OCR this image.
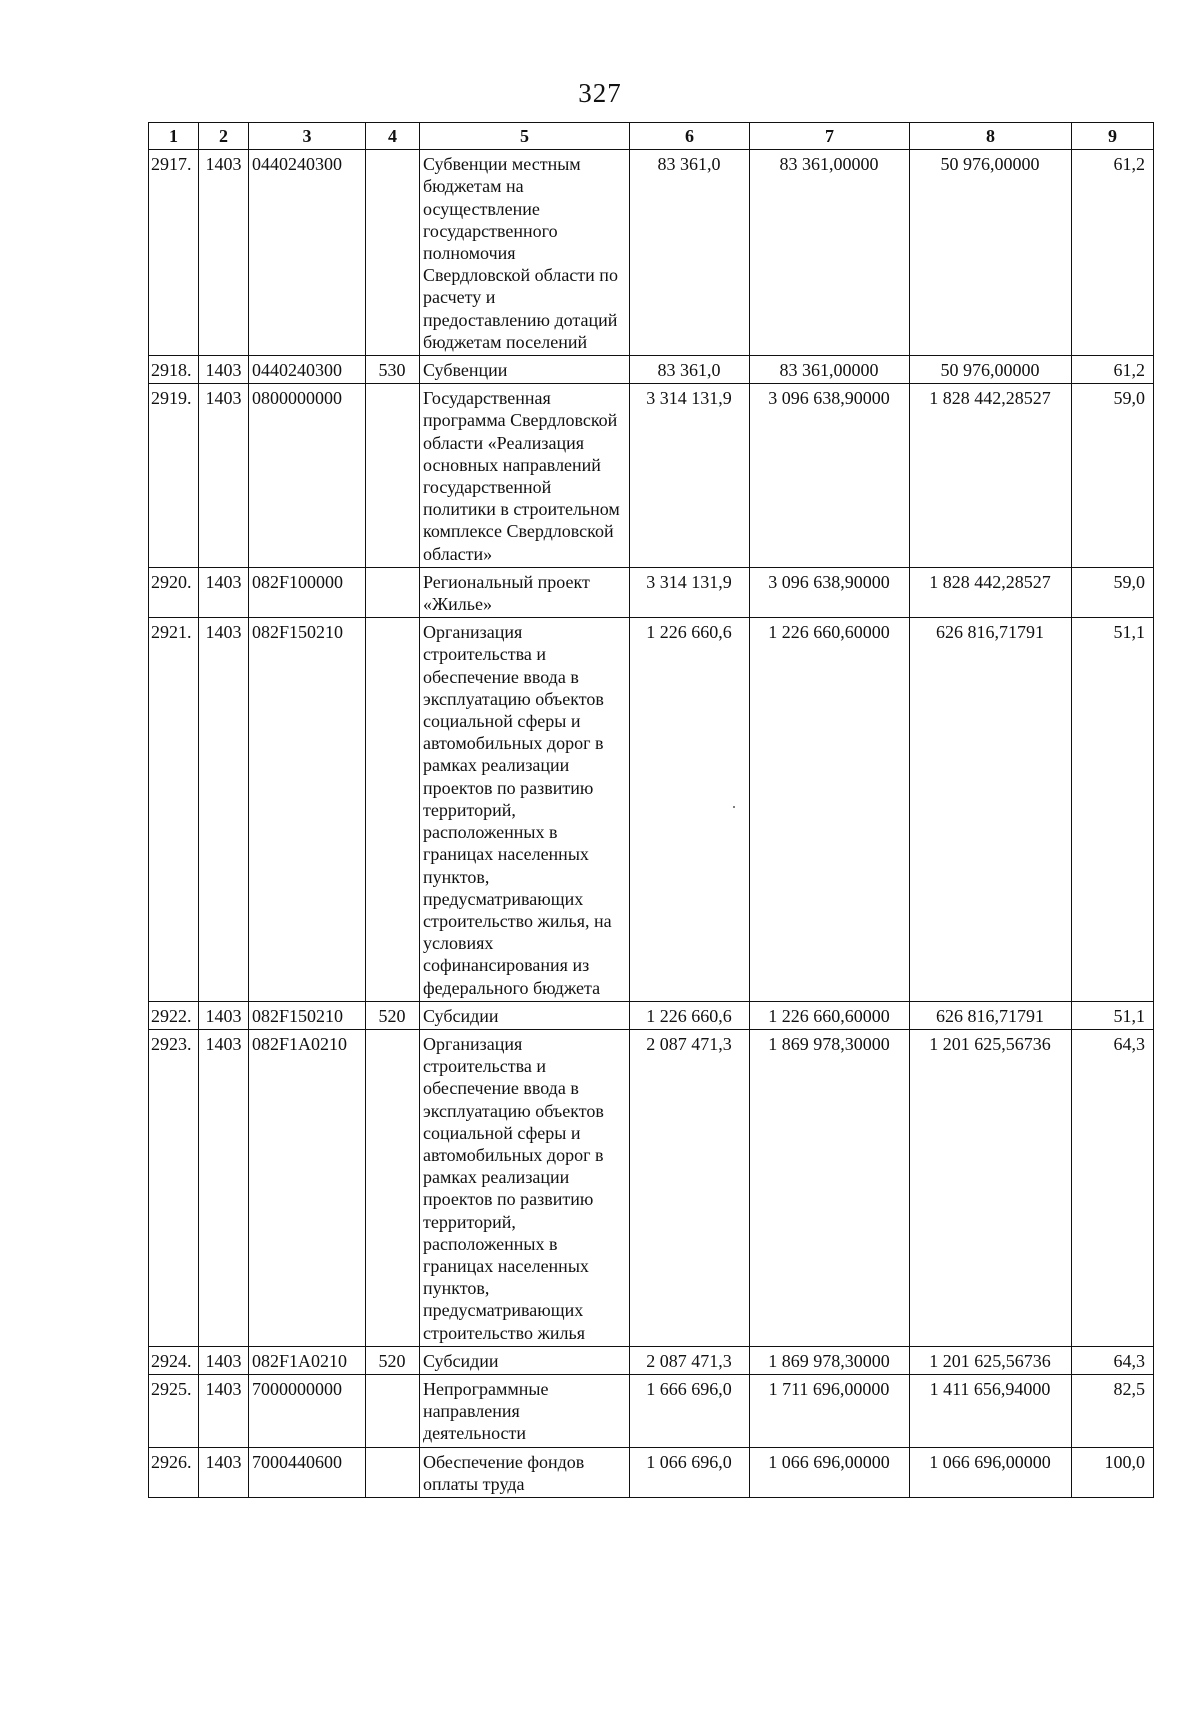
327
1	2	3	4	5	6	7	8	9
2917.	1403	0440240300		Субвенции местным бюджетам на осуществление государственного полномочия Свердловской области по расчету и предоставлению дотаций бюджетам поселений	83 361,0	83 361,00000	50 976,00000	61,2
2918.	1403	0440240300	530	Субвенции	83 361,0	83 361,00000	50 976,00000	61,2
2919.	1403	0800000000		Государственная программа Свердловской области «Реализация основных направлений государственной политики в строительном комплексе Свердловской области»	3 314 131,9	3 096 638,90000	1 828 442,28527	59,0
2920.	1403	082F100000		Региональный проект «Жилье»	3 314 131,9	3 096 638,90000	1 828 442,28527	59,0
2921.	1403	082F150210		Организация строительства и обеспечение ввода в эксплуатацию объектов социальной сферы и автомобильных дорог в рамках реализации проектов по развитию территорий, расположенных в границах населенных пунктов, предусматривающих строительство жилья, на условиях софинансирования из федерального бюджета	1 226 660,6	1 226 660,60000	626 816,71791	51,1
2922.	1403	082F150210	520	Субсидии	1 226 660,6	1 226 660,60000	626 816,71791	51,1
2923.	1403	082F1A0210		Организация строительства и обеспечение ввода в эксплуатацию объектов социальной сферы и автомобильных дорог в рамках реализации проектов по развитию территорий, расположенных в границах населенных пунктов, предусматривающих строительство жилья	2 087 471,3	1 869 978,30000	1 201 625,56736	64,3
2924.	1403	082F1A0210	520	Субсидии	2 087 471,3	1 869 978,30000	1 201 625,56736	64,3
2925.	1403	7000000000		Непрограммные направления деятельности	1 666 696,0	1 711 696,00000	1 411 656,94000	82,5
2926.	1403	7000440600		Обеспечение фондов оплаты труда	1 066 696,0	1 066 696,00000	1 066 696,00000	100,0
